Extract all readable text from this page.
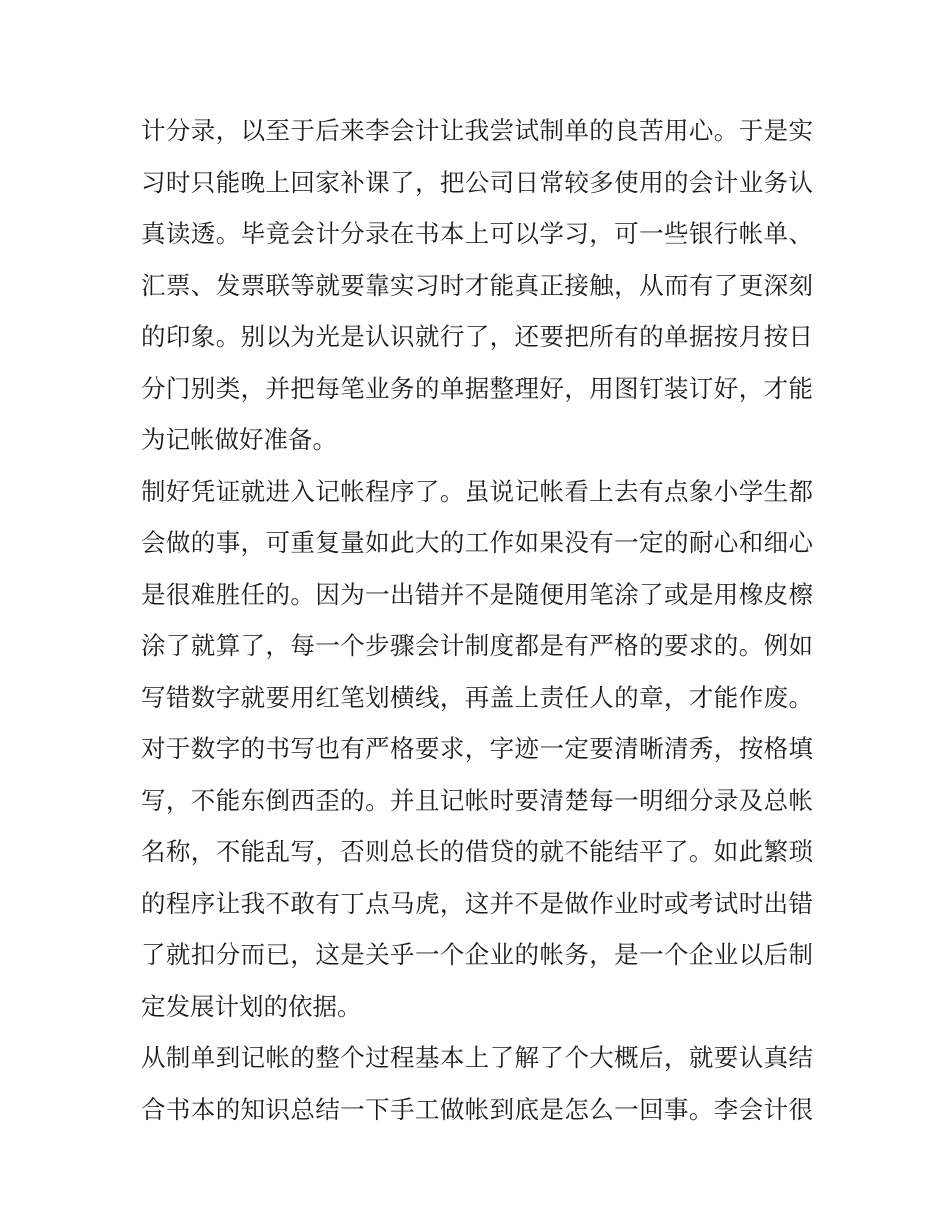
计分录，以至于后来李会计让我尝试制单的良苦用心。于是实
习时只能晚上回家补课了，把公司日常较多使用的会计业务认
真读透。毕竟会计分录在书本上可以学习，可一些银行帐单、
汇票、发票联等就要靠实习时才能真正接触，从而有了更深刻
的印象。别以为光是认识就行了，还要把所有的单据按月按日
分门别类，并把每笔业务的单据整理好，用图钉装订好，才能
为记帐做好准备。
制好凭证就进入记帐程序了。虽说记帐看上去有点象小学生都
会做的事，可重复量如此大的工作如果没有一定的耐心和细心
是很难胜任的。因为一出错并不是随便用笔涂了或是用橡皮檫
涂了就算了，每一个步骤会计制度都是有严格的要求的。例如
写错数字就要用红笔划横线，再盖上责任人的章，才能作废。
对于数字的书写也有严格要求，字迹一定要清晰清秀，按格填
写，不能东倒西歪的。并且记帐时要清楚每一明细分录及总帐
名称，不能乱写，否则总长的借贷的就不能结平了。如此繁琐
的程序让我不敢有丁点马虎，这并不是做作业时或考试时出错
了就扣分而已，这是关乎一个企业的帐务，是一个企业以后制
定发展计划的依据。
从制单到记帐的整个过程基本上了解了个大概后，就要认真结
合书本的知识总结一下手工做帐到底是怎么一回事。李会计很
